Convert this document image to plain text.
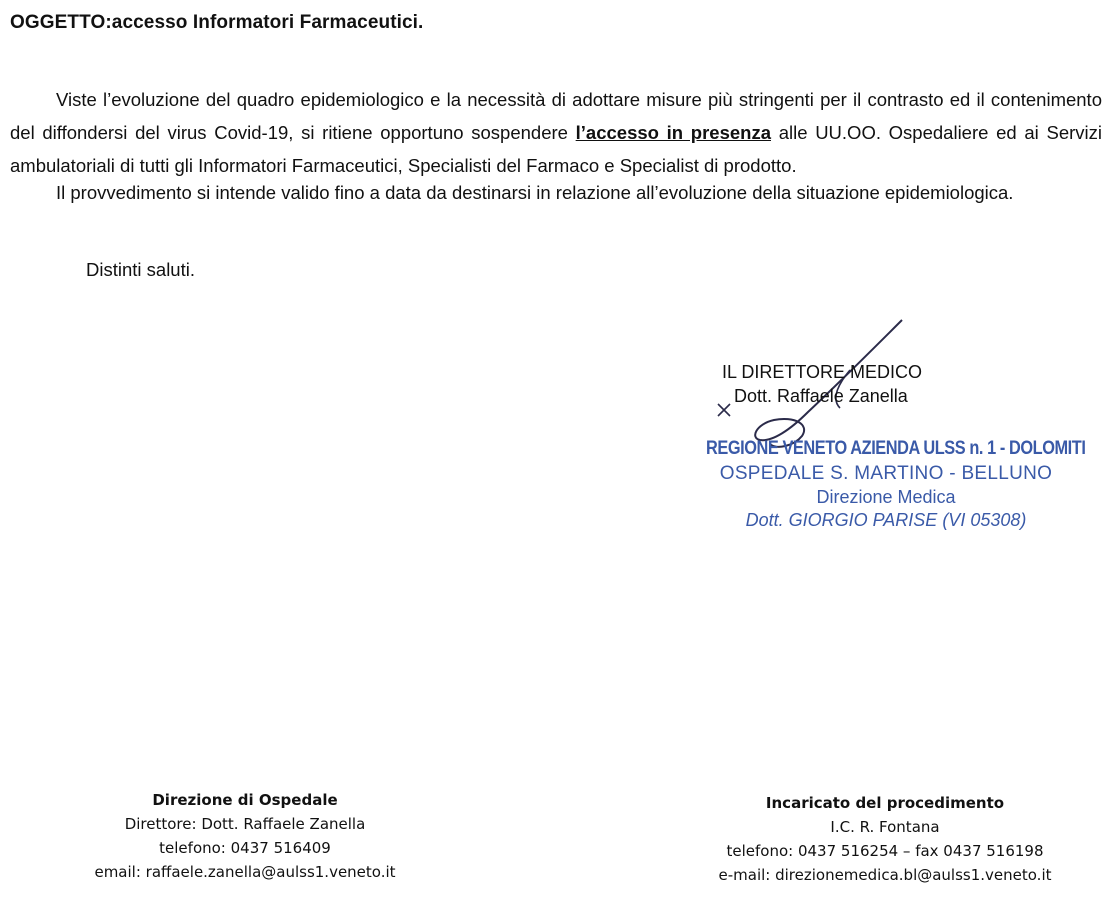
OGGETTO:accesso Informatori Farmaceutici.

Viste l’evoluzione del quadro epidemiologico e la necessità di adottare misure più stringenti per il contrasto ed il contenimento del diffondersi del virus Covid-19, si ritiene opportuno sospendere l’accesso in presenza alle UU.OO. Ospedaliere ed ai Servizi ambulatoriali di tutti gli Informatori Farmaceutici, Specialisti del Farmaco e Specialist di prodotto.

Il provvedimento si intende valido fino a data da destinarsi in relazione all’evoluzione della situazione epidemiologica.

Distinti saluti.
IL DIRETTORE MEDICO
Dott. Raffaele Zanella
REGIONE VENETO AZIENDA ULSS n. 1 - DOLOMITI
OSPEDALE S. MARTINO - BELLUNO
Direzione Medica
Dott. GIORGIO PARISE (VI 05308)
Direzione di Ospedale
Direttore: Dott. Raffaele Zanella
telefono: 0437 516409
email: raffaele.zanella@aulss1.veneto.it
Incaricato del procedimento
I.C. R. Fontana
telefono: 0437 516254 – fax 0437 516198
e-mail: direzionemedica.bl@aulss1.veneto.it
